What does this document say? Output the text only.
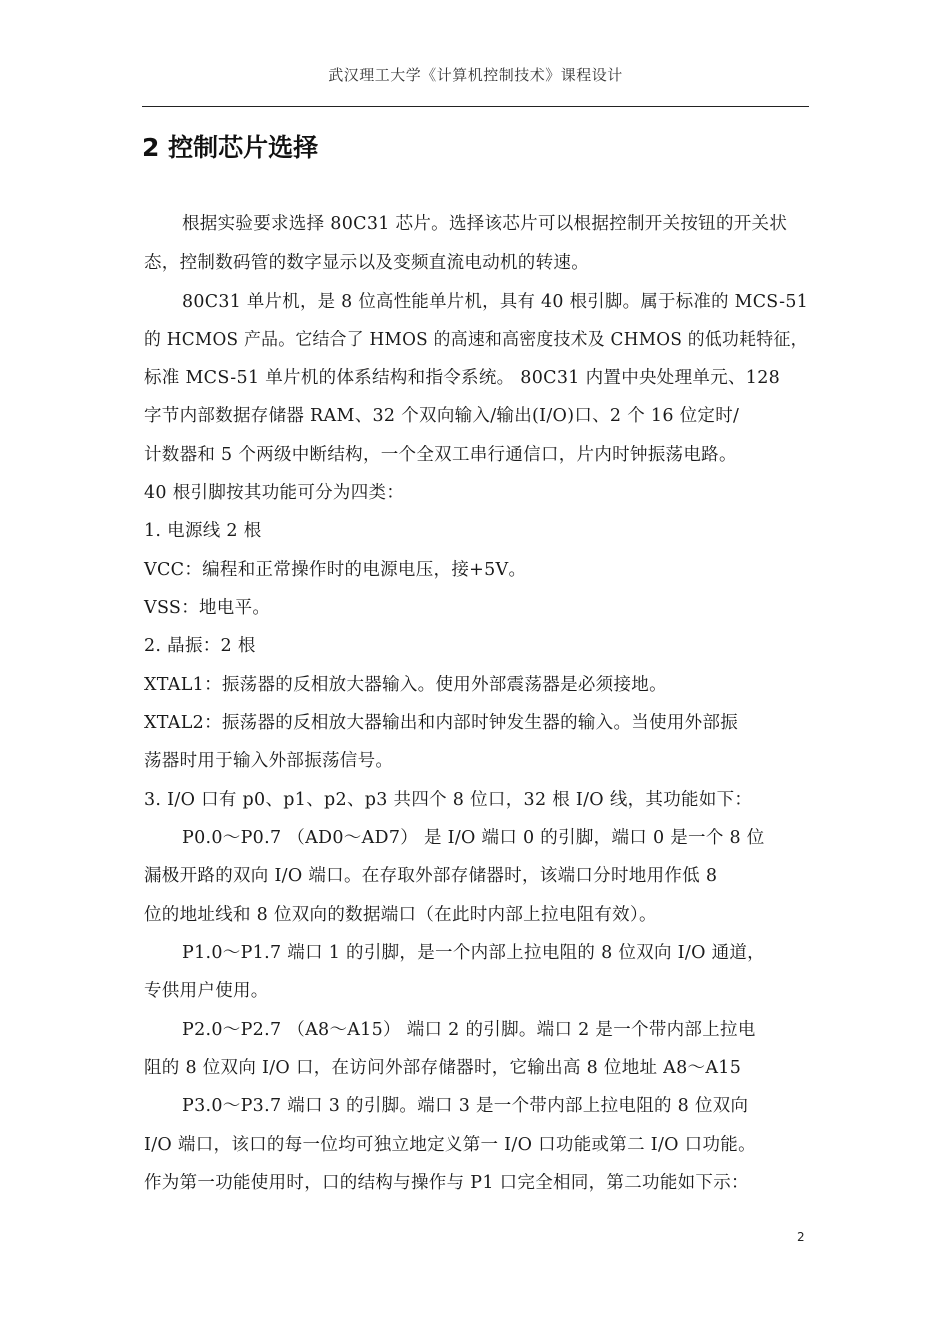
武汉理工大学《计算机控制技术》课程设计
2 控制芯片选择
根据实验要求选择 80C31 芯片。选择该芯片可以根据控制开关按钮的开关状
态，控制数码管的数字显示以及变频直流电动机的转速。
80C31 单片机，是 8 位高性能单片机，具有 40 根引脚。属于标准的 MCS-51
的 HCMOS 产品。它结合了 HMOS 的高速和高密度技术及 CHMOS 的低功耗特征，
标准 MCS-51 单片机的体系结构和指令系统。 80C31 内置中央处理单元、128
字节内部数据存储器 RAM、32 个双向输入/输出(I/O)口、2 个 16 位定时/
计数器和 5 个两级中断结构，一个全双工串行通信口，片内时钟振荡电路。
40 根引脚按其功能可分为四类：
1. 电源线 2 根
VCC：编程和正常操作时的电源电压，接+5V。
VSS：地电平。
2. 晶振：2 根
XTAL1：振荡器的反相放大器输入。使用外部震荡器是必须接地。
XTAL2：振荡器的反相放大器输出和内部时钟发生器的输入。当使用外部振
荡器时用于输入外部振荡信号。
3. I/O 口有 p0、p1、p2、p3 共四个 8 位口，32 根 I/O 线，其功能如下：
P0.0～P0.7 （AD0～AD7） 是 I/O 端口 0 的引脚，端口 0 是一个 8 位
漏极开路的双向 I/O 端口。在存取外部存储器时，该端口分时地用作低 8
位的地址线和 8 位双向的数据端口（在此时内部上拉电阻有效）。
P1.0～P1.7 端口 1 的引脚，是一个内部上拉电阻的 8 位双向 I/O 通道，
专供用户使用。
P2.0～P2.7 （A8～A15） 端口 2 的引脚。端口 2 是一个带内部上拉电
阻的 8 位双向 I/O 口，在访问外部存储器时，它输出高 8 位地址 A8～A15
P3.0～P3.7 端口 3 的引脚。端口 3 是一个带内部上拉电阻的 8 位双向
I/O 端口，该口的每一位均可独立地定义第一 I/O 口功能或第二 I/O 口功能。
作为第一功能使用时，口的结构与操作与 P1 口完全相同，第二功能如下示：
2
